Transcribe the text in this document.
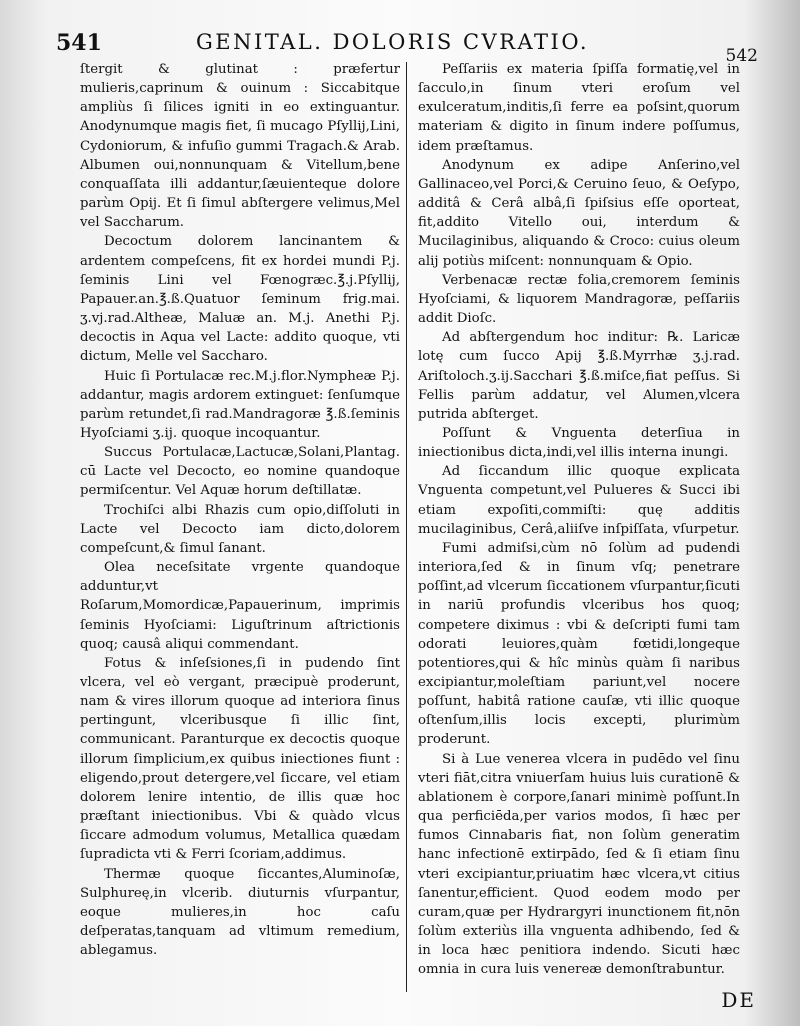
541	GENITAL. DOLORIS CVRATIO.
542

ſtergit & glutinat : præfertur mulieris,caprinum & ouinum : Siccabitque ampliùs ſi ſilices igniti in eo extinguantur. Anodynumque magis fiet, ſi mucago Pſyllij,Lini, Cydoniorum, & infuſio gummi Tragach.& Arab. Albumen oui,nonnunquam & Vitellum,bene conquaſſata illi addantur,ſæuienteque dolore parùm Opij. Et ſi ſimul abſtergere velimus,Mel vel Saccharum.

Decoctum dolorem lancinantem & ardentem compeſcens, fit ex hordei mundi P.j. ſeminis Lini vel Fœnogræc.℥.j.Pſyllij, Papauer.an.℥.ß.Quatuor ſeminum frig.mai. ʒ.vj.rad.Altheæ, Maluæ an. M.j. Anethi P.j. decoctis in Aqua vel Lacte: addito quoque, vti dictum, Melle vel Saccharo.

Huic ſi Portulacæ rec.M.j.flor.Nympheæ P.j. addantur, magis ardorem extinguet: ſenſumque parùm retundet,ſi rad.Mandragoræ ℥.ß.ſeminis Hyoſciami ʒ.ij. quoque incoquantur.

Succus Portulacæ,Lactucæ,Solani,Plantag. cū Lacte vel Decocto, eo nomine quandoque permiſcentur. Vel Aquæ horum deſtillatæ.

Trochiſci albi Rhazis cum opio,diſſoluti in Lacte vel Decocto iam dicto,dolorem compeſcunt,& ſimul ſanant.

Olea neceſsitate vrgente quandoque adduntur,vt Roſarum,Momordicæ,Papauerinum, imprimis ſeminis Hyoſciami: Liguſtrinum aſtrictionis quoq; causâ aliqui commendant.

Fotus & inſeſsiones,ſi in pudendo ſint vlcera, vel eò vergant, præcipuè proderunt, nam & vires illorum quoque ad interiora ſinus pertingunt, vlceribusque ſi illic ſint, communicant. Paranturque ex decoctis quoque illorum ſimplicium,ex quibus iniectiones fiunt : eligendo,prout detergere,vel ſiccare, vel etiam dolorem lenire intentio, de illis quæ hoc præſtant iniectionibus. Vbi & quàdo vlcus ſiccare admodum volumus, Metallica quædam ſupradicta vti & Ferri ſcoriam,addimus.

Thermæ quoque ſiccantes,Aluminoſæ, Sulphureę,in vlcerib. diuturnis vſurpantur, eoque mulieres,in hoc caſu deſperatas,tanquam ad vltimum remedium, ablegamus.

Peſſariis ex materia ſpiſſa formatię,vel in ſacculo,in ſinum vteri eroſum vel exulceratum,inditis,ſi ferre ea poſsint,quorum materiam & digito in ſinum indere poſſumus, idem præſtamus.

Anodynum ex adipe Anſerino,vel Gallinaceo,vel Porci,& Ceruino ſeuo, & Oeſypo, additâ & Cerâ albâ,ſi ſpiſsius eſſe oporteat, fit,addito Vitello oui, interdum & Mucilaginibus, aliquando & Croco: cuius oleum alij potiùs miſcent: nonnunquam & Opio.

Verbenacæ rectæ folia,cremorem ſeminis Hyoſciami, & liquorem Mandragoræ, peſſariis addit Dioſc.

Ad abſtergendum hoc inditur: ℞. Laricæ lotę cum ſucco Apij ℥.ß.Myrrhæ ʒ.j.rad. Ariſtoloch.ʒ.ij.Sacchari ℥.ß.miſce,fiat peſſus. Si Fellis parùm addatur, vel Alumen,vlcera putrida abſterget.

Poſſunt & Vnguenta deterſiua in iniectionibus dicta,indi,vel illis interna inungi.

Ad ſiccandum illic quoque explicata Vnguenta competunt,vel Pulueres & Succi ibi etiam expoſiti,commiſti: quę additis mucilaginibus, Cerâ,aliiſve inſpiſſata, vſurpetur.

Fumi admiſsi,cùm nō ſolùm ad pudendi interiora,ſed & in ſinum vſq; penetrare poſſint,ad vlcerum ſiccationem vſurpantur,ſicuti in nariū profundis vlceribus hos quoq; competere diximus : vbi & deſcripti fumi tam odorati leuiores,quàm fœtidi,longeque potentiores,qui & hîc minùs quàm ſi naribus excipiantur,moleſtiam pariunt,vel nocere poſſunt, habitâ ratione cauſæ, vti illic quoque oſtenſum,illis locis excepti, plurimùm proderunt.

Si à Lue venerea vlcera in pudēdo vel ſinu vteri fiāt,citra vniuerſam huius luis curationē & ablationem è corpore,ſanari minimè poſſunt.In qua perficiēda,per varios modos, ſi hæc per fumos Cinnabaris fiat, non ſolùm generatim hanc infectionē extirpādo, ſed & ſi etiam ſinu vteri excipiantur,priuatim hæc vlcera,vt citius ſanentur,efficient. Quod eodem modo per curam,quæ per Hydrargyri inunctionem fit,nōn ſolùm exteriùs illa vnguenta adhibendo, ſed & in loca hæc penitiora indendo. Sicuti hæc omnia in cura luis venereæ demonſtrabuntur.

DE
